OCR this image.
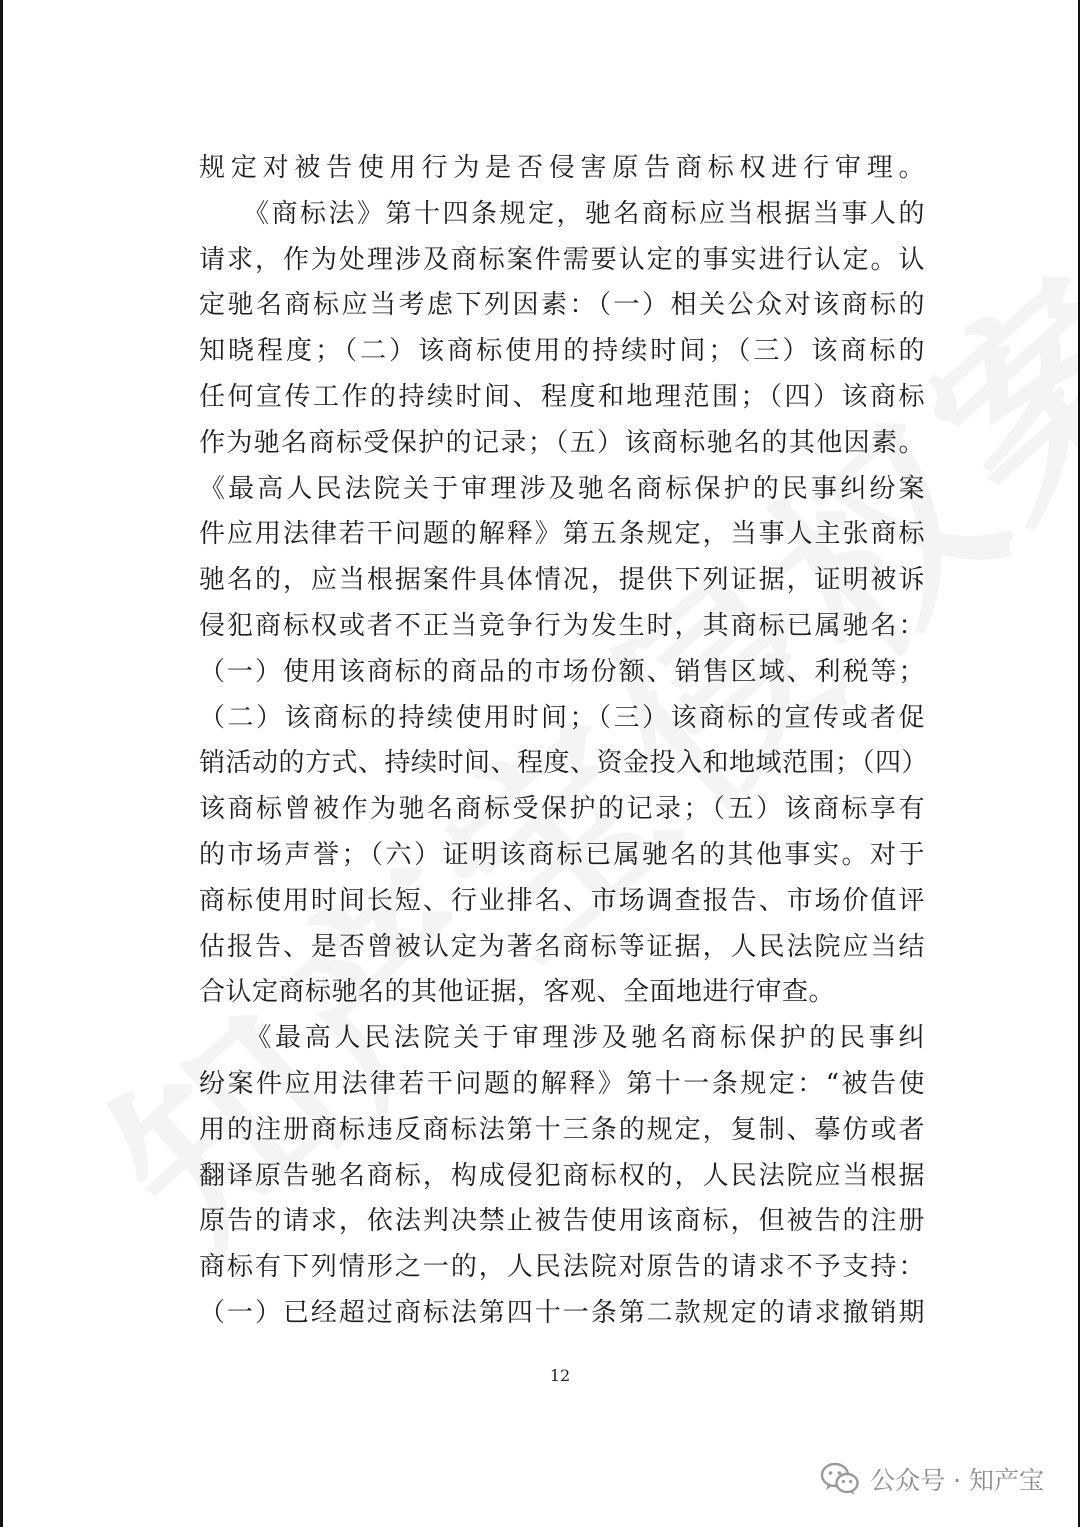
规定对被告使用行为是否侵害原告商标权进行审理。
　　《商标法》第十四条规定，驰名商标应当根据当事人的
请求，作为处理涉及商标案件需要认定的事实进行认定。认
定驰名商标应当考虑下列因素：（一）相关公众对该商标的
知晓程度；（二）该商标使用的持续时间；（三）该商标的
任何宣传工作的持续时间、程度和地理范围；（四）该商标
作为驰名商标受保护的记录；（五）该商标驰名的其他因素。
《最高人民法院关于审理涉及驰名商标保护的民事纠纷案
件应用法律若干问题的解释》第五条规定，当事人主张商标
驰名的，应当根据案件具体情况，提供下列证据，证明被诉
侵犯商标权或者不正当竞争行为发生时，其商标已属驰名：
（一）使用该商标的商品的市场份额、销售区域、利税等；
（二）该商标的持续使用时间；（三）该商标的宣传或者促
销活动的方式、持续时间、程度、资金投入和地域范围；（四）
该商标曾被作为驰名商标受保护的记录；（五）该商标享有
的市场声誉；（六）证明该商标已属驰名的其他事实。对于
商标使用时间长短、行业排名、市场调查报告、市场价值评
估报告、是否曾被认定为著名商标等证据，人民法院应当结
合认定商标驰名的其他证据，客观、全面地进行审查。
　　《最高人民法院关于审理涉及驰名商标保护的民事纠
纷案件应用法律若干问题的解释》第十一条规定：“被告使
用的注册商标违反商标法第十三条的规定，复制、摹仿或者
翻译原告驰名商标，构成侵犯商标权的，人民法院应当根据
原告的请求，依法判决禁止被告使用该商标，但被告的注册
商标有下列情形之一的，人民法院对原告的请求不予支持：
（一）已经超过商标法第四十一条第二款规定的请求撤销期
12
公众号 · 知产宝
